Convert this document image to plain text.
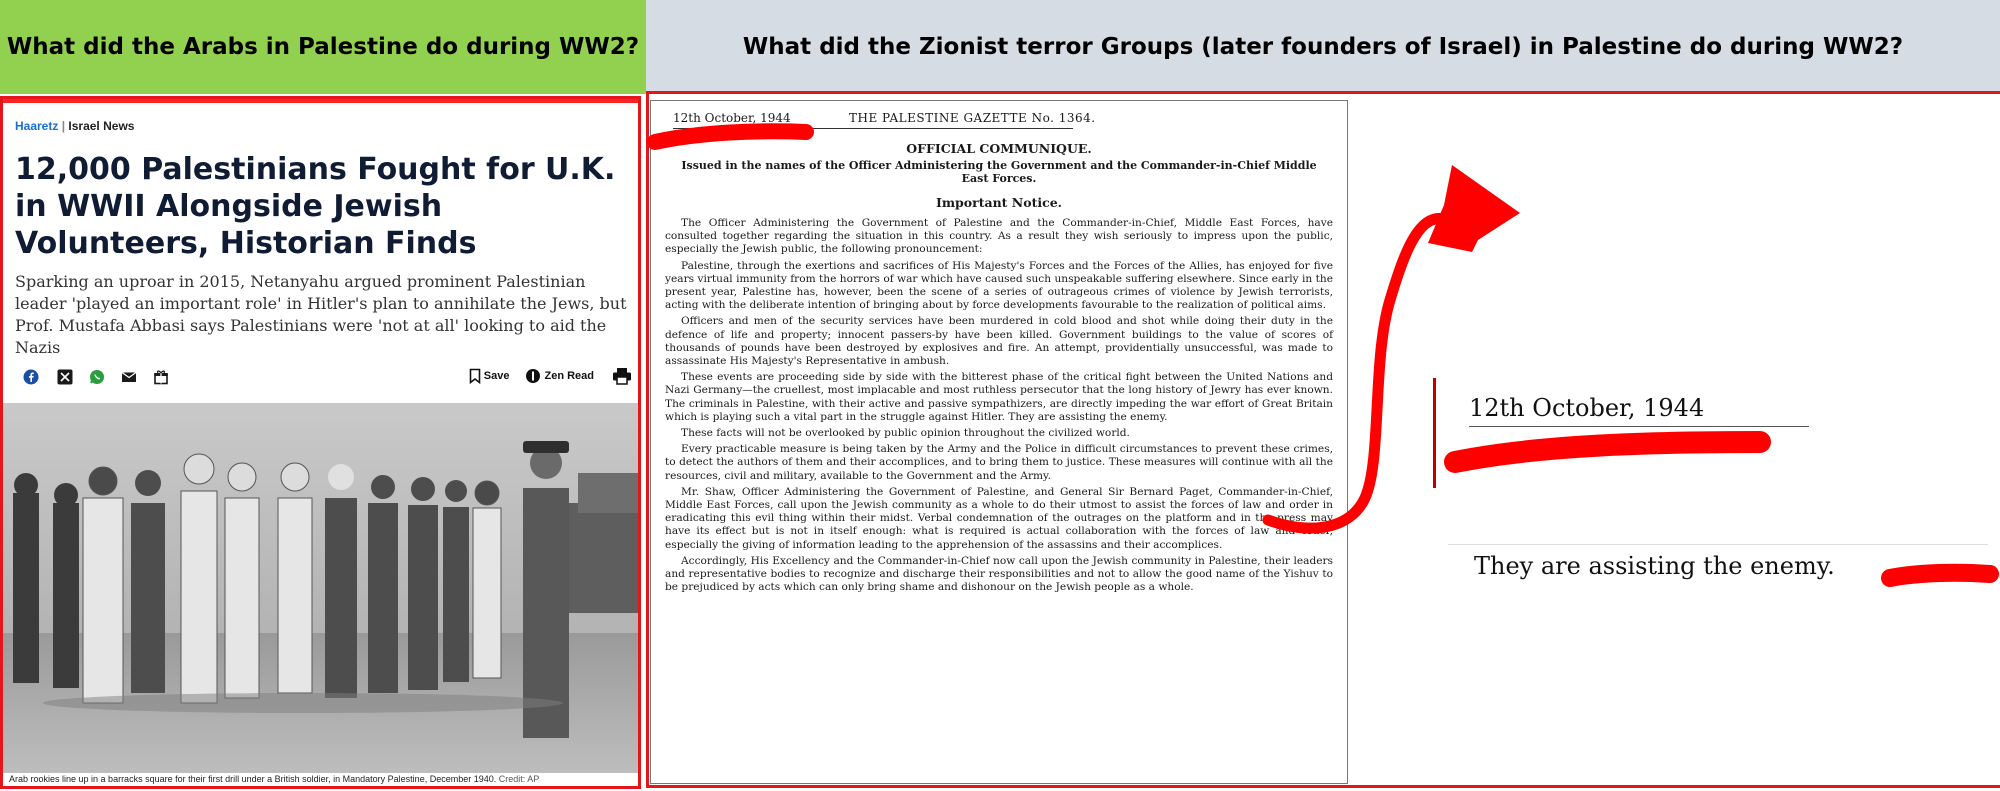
What did the Arabs in Palestine do during WW2?	What did the Zionist terror Groups (later founders of Israel) in Palestine do during WW2?
Haaretz | Israel News
12,000 Palestinians Fought for U.K. in WWII Alongside Jewish Volunteers, Historian Finds

Sparking an uproar in 2015, Netanyahu argued prominent Palestinian leader 'played an important role' in Hitler's plan to annihilate the Jews, but Prof. Mustafa Abbasi says Palestinians were 'not at all' looking to aid the Nazis

Save	Zen Read
Arab rookies line up in a barracks square for their first drill under a British soldier, in Mandatory Palestine, December 1940. Credit: AP
12th October, 1944	THE PALESTINE GAZETTE No. 1364.
OFFICIAL COMMUNIQUE.
Issued in the names of the Officer Administering the Government and the Commander-in-Chief Middle East Forces.
Important Notice.

The Officer Administering the Government of Palestine and the Commander-in-Chief, Middle East Forces, have consulted together regarding the situation in this country. As a result they wish seriously to impress upon the public, especially the Jewish public, the following pronouncement:

Palestine, through the exertions and sacrifices of His Majesty's Forces and the Forces of the Allies, has enjoyed for five years virtual immunity from the horrors of war which have caused such unspeakable suffering elsewhere. Since early in the present year, Palestine has, however, been the scene of a series of outrageous crimes of violence by Jewish terrorists, acting with the deliberate intention of bringing about by force developments favourable to the realization of political aims.

Officers and men of the security services have been murdered in cold blood and shot while doing their duty in the defence of life and property; innocent passers-by have been killed. Government buildings to the value of scores of thousands of pounds have been destroyed by explosives and fire. An attempt, providentially unsuccessful, was made to assassinate His Majesty's Representative in ambush.

These events are proceeding side by side with the bitterest phase of the critical fight between the United Nations and Nazi Germany—the cruellest, most implacable and most ruthless persecutor that the long history of Jewry has ever known. The criminals in Palestine, with their active and passive sympathizers, are directly impeding the war effort of Great Britain which is playing such a vital part in the struggle against Hitler. They are assisting the enemy.

These facts will not be overlooked by public opinion throughout the civilized world.

Every practicable measure is being taken by the Army and the Police in difficult circumstances to prevent these crimes, to detect the authors of them and their accomplices, and to bring them to justice. These measures will continue with all the resources, civil and military, available to the Government and the Army.

Mr. Shaw, Officer Administering the Government of Palestine, and General Sir Bernard Paget, Commander-in-Chief, Middle East Forces, call upon the Jewish community as a whole to do their utmost to assist the forces of law and order in eradicating this evil thing within their midst. Verbal condemnation of the outrages on the platform and in the press may have its effect but is not in itself enough: what is required is actual collaboration with the forces of law and order, especially the giving of information leading to the apprehension of the assassins and their accomplices.

Accordingly, His Excellency and the Commander-in-Chief now call upon the Jewish community in Palestine, their leaders and representative bodies to recognize and discharge their responsibilities and not to allow the good name of the Yishuv to be prejudiced by acts which can only bring shame and dishonour on the Jewish people as a whole.

12th October, 1944
They are assisting the enemy.
